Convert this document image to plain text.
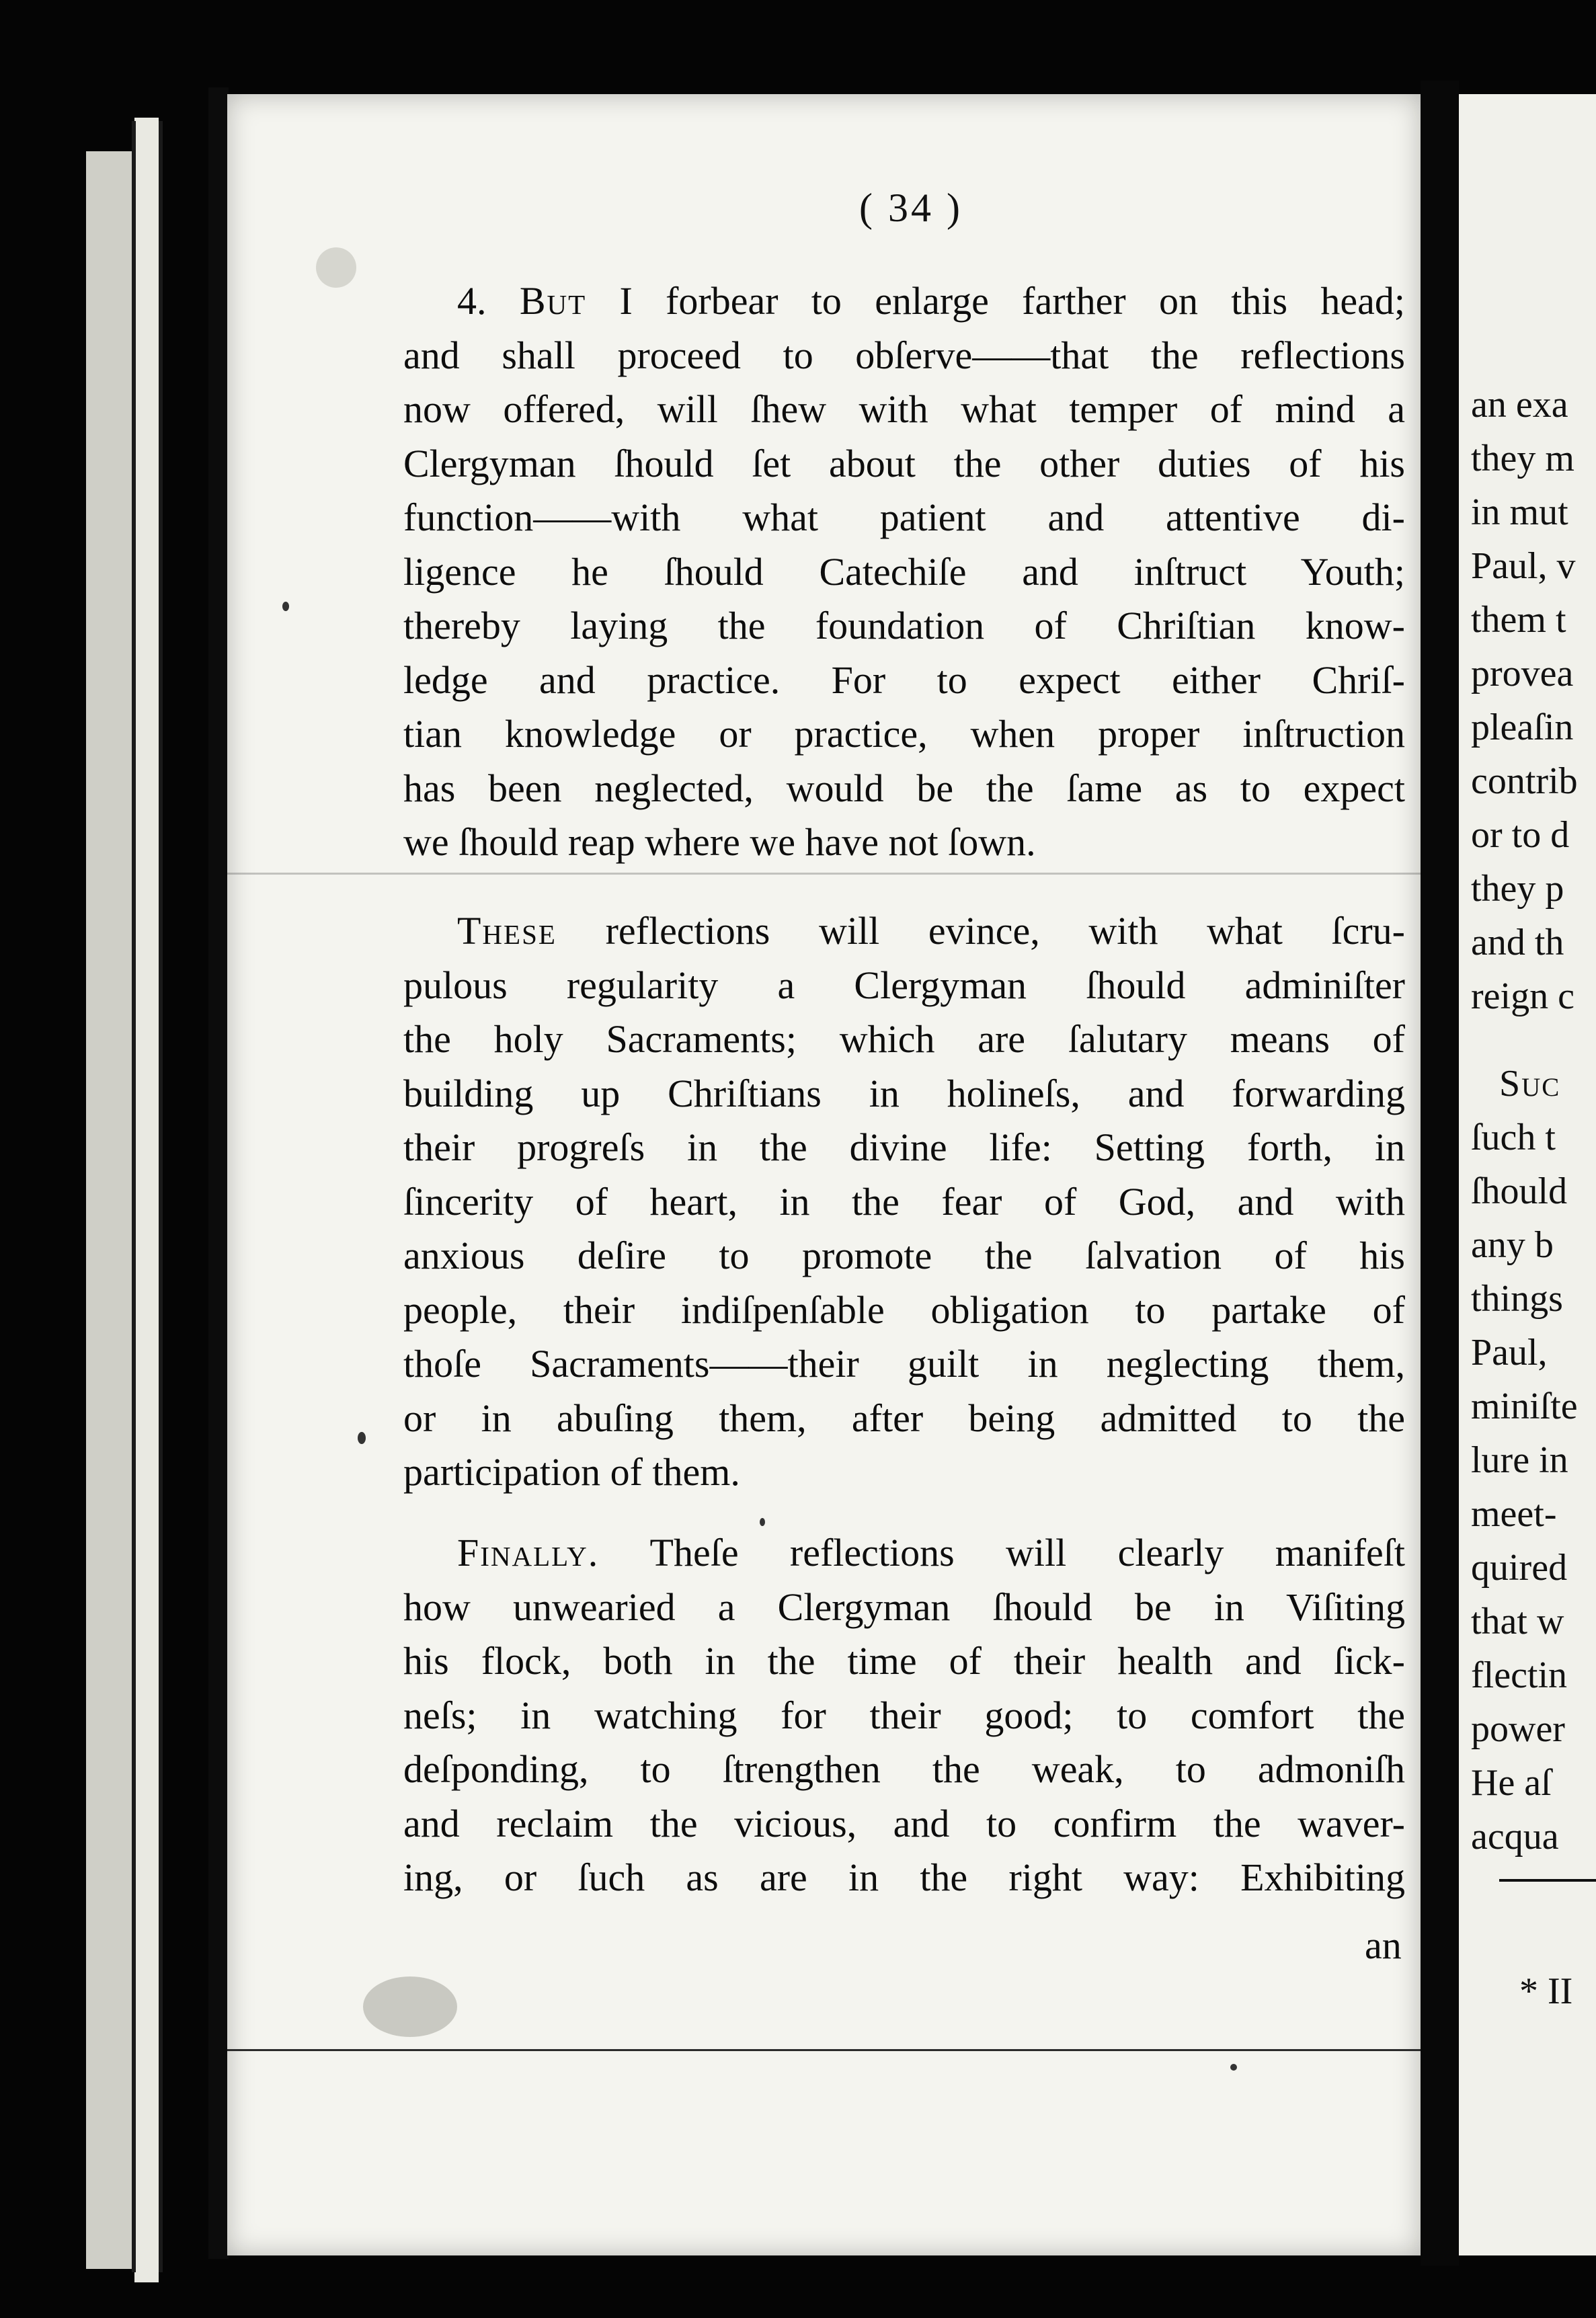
an exa
they m
in mut
Paul, v
them t
provea
pleaſin
contrib
or to d
they p
and th
reign c
Suc
ſuch t
ſhould
any b
things
Paul,
miniſte
lure in
meet-
quired
that w
flectin
power
He aſ
acqua
* II
( 34 )
4. But I forbear to enlarge farther on this head;
and shall proceed to obſerve——that the reflections
now offered, will ſhew with what temper of mind a
Clergyman ſhould ſet about the other duties of his
function——with what patient and attentive di-
ligence he ſhould Catechiſe and inſtruct Youth;
thereby laying the foundation of Chriſtian know-
ledge and practice. For to expect either Chriſ-
tian knowledge or practice, when proper inſtruction
has been neglected, would be the ſame as to expect
we ſhould reap where we have not ſown.
These reflections will evince, with what ſcru-
pulous regularity a Clergyman ſhould adminiſter
the holy Sacraments; which are ſalutary means of
building up Chriſtians in holineſs, and forwarding
their progreſs in the divine life: Setting forth, in
ſincerity of heart, in the fear of God, and with
anxious deſire to promote the ſalvation of his
people, their indiſpenſable obligation to partake of
thoſe Sacraments——their guilt in neglecting them,
or in abuſing them, after being admitted to the
participation of them.
Finally. Theſe reflections will clearly manifeſt
how unwearied a Clergyman ſhould be in Viſiting
his flock, both in the time of their health and ſick-
neſs; in watching for their good; to comfort the
deſponding, to ſtrengthen the weak, to admoniſh
and reclaim the vicious, and to confirm the waver-
ing, or ſuch as are in the right way: Exhibiting
an
